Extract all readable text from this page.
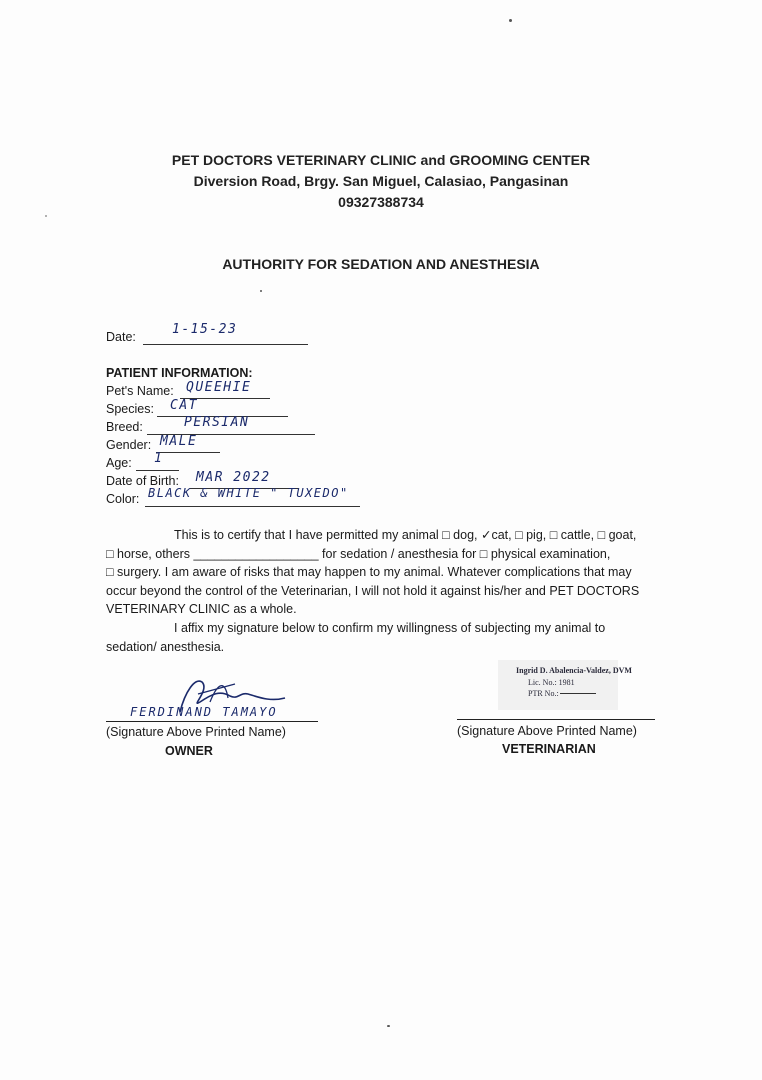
PET DOCTORS VETERINARY CLINIC and GROOMING CENTER
Diversion Road, Brgy. San Miguel, Calasiao, Pangasinan
09327388734
AUTHORITY FOR SEDATION AND ANESTHESIA
Date:	1-15-23
PATIENT INFORMATION:
Pet's Name: QUEEHIE
Species: CAT
Breed:	PERSIAN
Gender: MALE
Age: 1
Date of Birth: MAR 2022
Color: BLACK & WHITE " TUXEDO"
This is to certify that I have permitted my animal □ dog, ✓cat, □ pig, □ cattle, □ goat,
□ horse, others __________________ for sedation / anesthesia for □ physical examination,
□ surgery. I am aware of risks that may happen to my animal. Whatever complications that may
occur beyond the control of the Veterinarian, I will not hold it against his/her and PET DOCTORS
VETERINARY CLINIC as a whole.
I affix my signature below to confirm my willingness of subjecting my animal to
sedation/ anesthesia.
FERDINAND TAMAYO
(Signature Above Printed Name)
OWNER
Ingrid D. Abalencia-Valdez, DVM
Lic. No.: 1981
PTR No.:
(Signature Above Printed Name)
VETERINARIAN
